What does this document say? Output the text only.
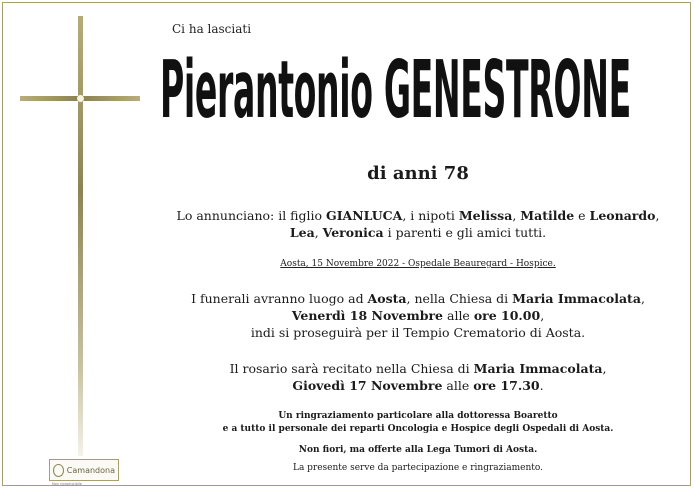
Ci ha lasciati
Pierantonio GENESTRONE
di anni 78
Lo annunciano: il figlio GIANLUCA, i nipoti Melissa, Matilde e Leonardo,
Lea, Veronica i parenti e gli amici tutti.
Aosta, 15 Novembre 2022 - Ospedale Beauregard - Hospice.
I funerali avranno luogo ad Aosta, nella Chiesa di Maria Immacolata,
Venerdì 18 Novembre alle ore 10.00,
indi si proseguirà per il Tempio Crematorio di Aosta.
Il rosario sarà recitato nella Chiesa di Maria Immacolata,
Giovedì 17 Novembre alle ore 17.30.
Un ringraziamento particolare alla dottoressa Boaretto
e a tutto il personale dei reparti Oncologia e Hospice degli Ospedali di Aosta.
Non fiori, ma offerte alla Lega Tumori di Aosta.
La presente serve da partecipazione e ringraziamento.
Camandona
Non riproducibile
